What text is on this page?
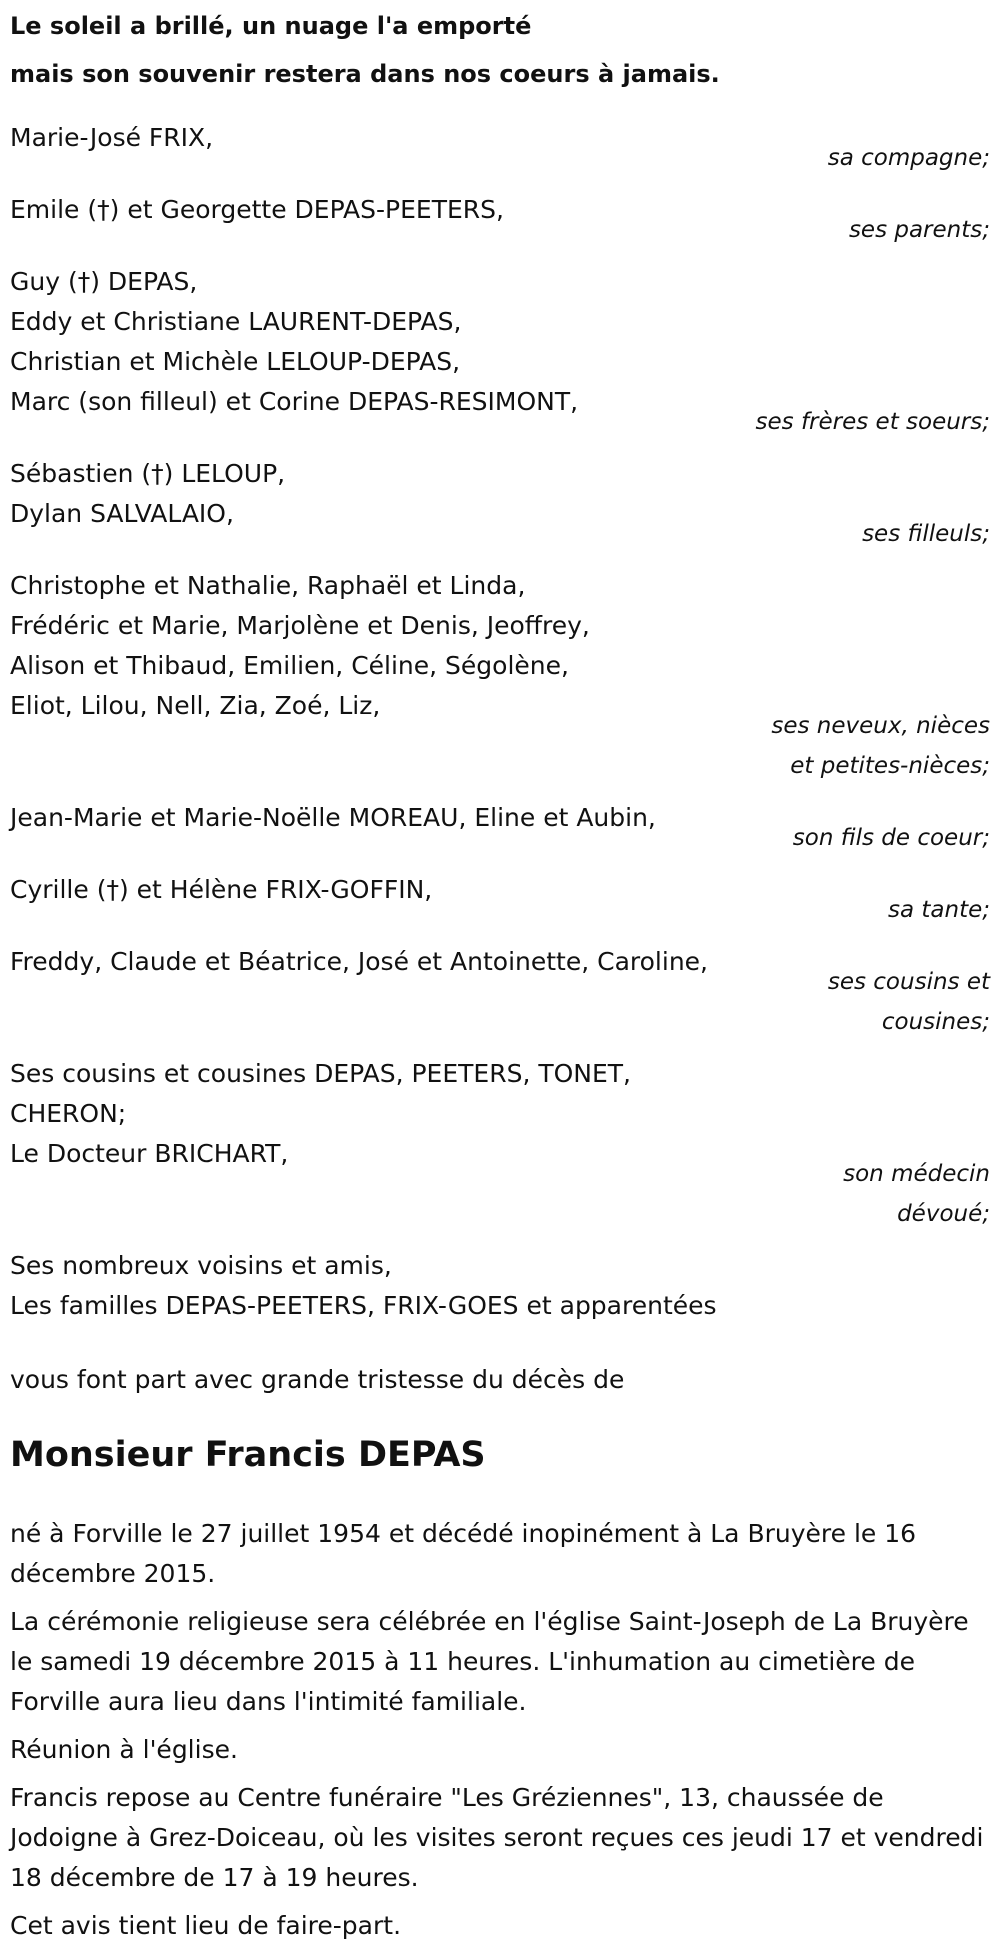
Le soleil a brillé, un nuage l'a emporté
mais son souvenir restera dans nos coeurs à jamais.
Marie-José FRIX,
sa compagne;
Emile (†) et Georgette DEPAS-PEETERS,
ses parents;
Guy (†) DEPAS,
Eddy et Christiane LAURENT-DEPAS,
Christian et Michèle LELOUP-DEPAS,
Marc (son filleul) et Corine DEPAS-RESIMONT,
ses frères et soeurs;
Sébastien (†) LELOUP,
Dylan SALVALAIO,
ses filleuls;
Christophe et Nathalie, Raphaël et Linda,
Frédéric et Marie, Marjolène et Denis, Jeoffrey,
Alison et Thibaud, Emilien, Céline, Ségolène,
Eliot, Lilou, Nell, Zia, Zoé, Liz,
ses neveux, nièces
et petites-nièces;
Jean-Marie et Marie-Noëlle MOREAU, Eline et Aubin,
son fils de coeur;
Cyrille (†) et Hélène FRIX-GOFFIN,
sa tante;
Freddy, Claude et Béatrice, José et Antoinette, Caroline,
ses cousins et
cousines;
Ses cousins et cousines DEPAS, PEETERS, TONET,
CHERON;
Le Docteur BRICHART,
son médecin
dévoué;
Ses nombreux voisins et amis,
Les familles DEPAS-PEETERS, FRIX-GOES et apparentées
vous font part avec grande tristesse du décès de
Monsieur Francis DEPAS
né à Forville le 27 juillet 1954 et décédé inopinément à La Bruyère le 16 décembre 2015.
La cérémonie religieuse sera célébrée en l'église Saint-Joseph de La Bruyère le samedi 19 décembre 2015 à 11 heures. L'inhumation au cimetière de Forville aura lieu dans l'intimité familiale.
Réunion à l'église.
Francis repose au Centre funéraire "Les Gréziennes", 13, chaussée de Jodoigne à Grez-Doiceau, où les visites seront reçues ces jeudi 17 et vendredi 18 décembre de 17 à 19 heures.
Cet avis tient lieu de faire-part.
